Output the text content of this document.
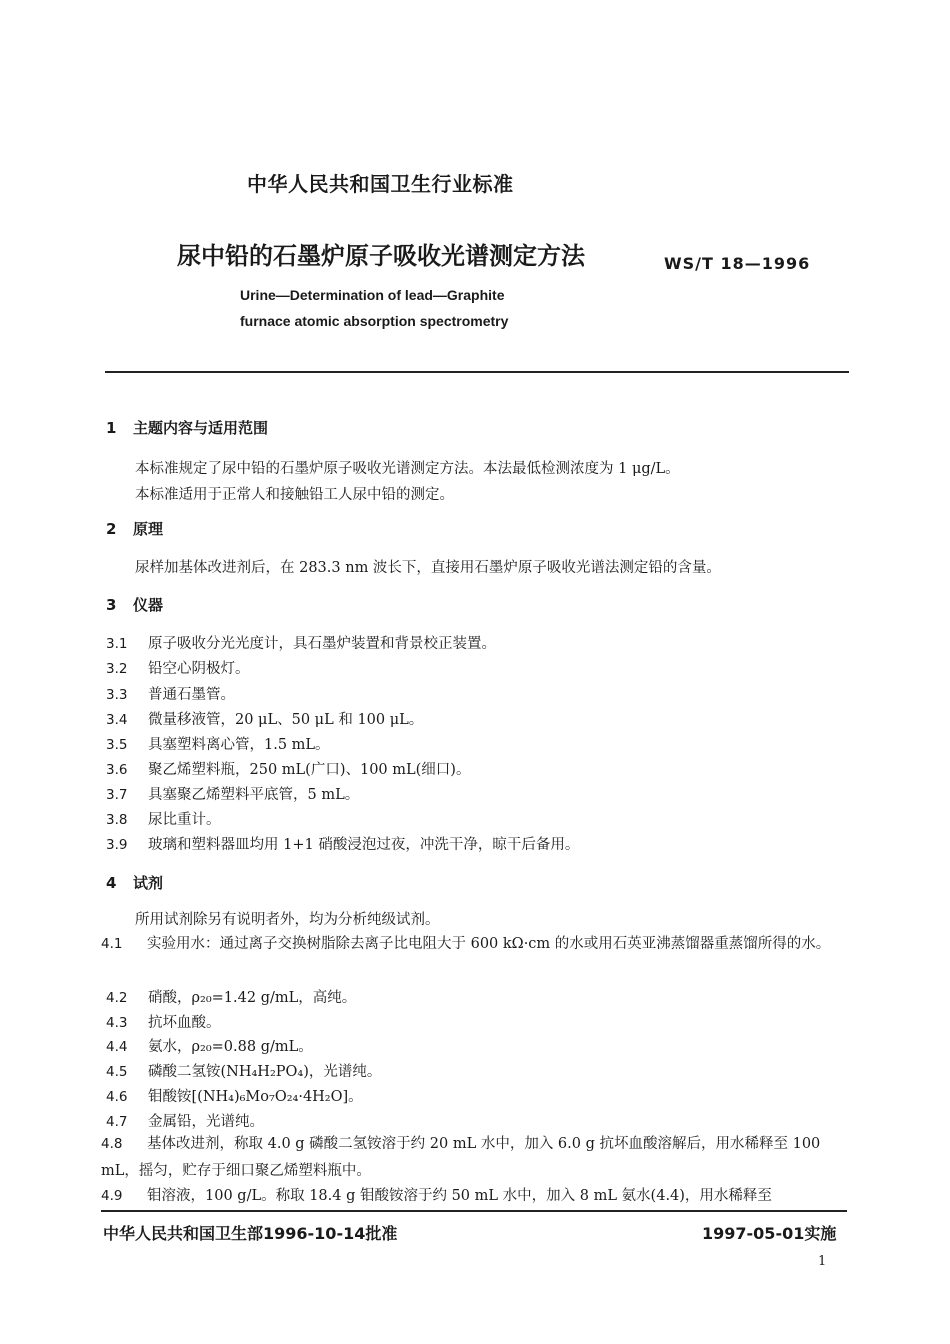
中华人民共和国卫生行业标准
尿中铅的石墨炉原子吸收光谱测定方法	WS/T 18—1996
Urine—Determination of lead—Graphite
furnace atomic absorption spectrometry
1 主题内容与适用范围
本标准规定了尿中铅的石墨炉原子吸收光谱测定方法。本法最低检测浓度为 1 μg/L。
本标准适用于正常人和接触铅工人尿中铅的测定。
2 原理
尿样加基体改进剂后，在 283.3 nm 波长下，直接用石墨炉原子吸收光谱法测定铅的含量。
3 仪器
3.1 原子吸收分光光度计，具石墨炉装置和背景校正装置。
3.2 铅空心阴极灯。
3.3 普通石墨管。
3.4 微量移液管，20 μL、50 μL 和 100 μL。
3.5 具塞塑料离心管，1.5 mL。
3.6 聚乙烯塑料瓶，250 mL(广口)、100 mL(细口)。
3.7 具塞聚乙烯塑料平底管，5 mL。
3.8 尿比重计。
3.9 玻璃和塑料器皿均用 1+1 硝酸浸泡过夜，冲洗干净，晾干后备用。
4 试剂
所用试剂除另有说明者外，均为分析纯级试剂。
4.1 实验用水：通过离子交换树脂除去离子比电阻大于 600 kΩ·cm 的水或用石英亚沸蒸馏器重蒸馏所得的水。
4.2 硝酸，ρ₂₀=1.42 g/mL，高纯。
4.3 抗坏血酸。
4.4 氨水，ρ₂₀=0.88 g/mL。
4.5 磷酸二氢铵(NH₄H₂PO₄)，光谱纯。
4.6 钼酸铵[(NH₄)₆Mo₇O₂₄·4H₂O]。
4.7 金属铅，光谱纯。
4.8 基体改进剂，称取 4.0 g 磷酸二氢铵溶于约 20 mL 水中，加入 6.0 g 抗坏血酸溶解后，用水稀释至 100 mL，摇匀，贮存于细口聚乙烯塑料瓶中。
4.9 钼溶液，100 g/L。称取 18.4 g 钼酸铵溶于约 50 mL 水中，加入 8 mL 氨水(4.4)，用水稀释至
中华人民共和国卫生部1996-10-14批准	1997-05-01实施
1
